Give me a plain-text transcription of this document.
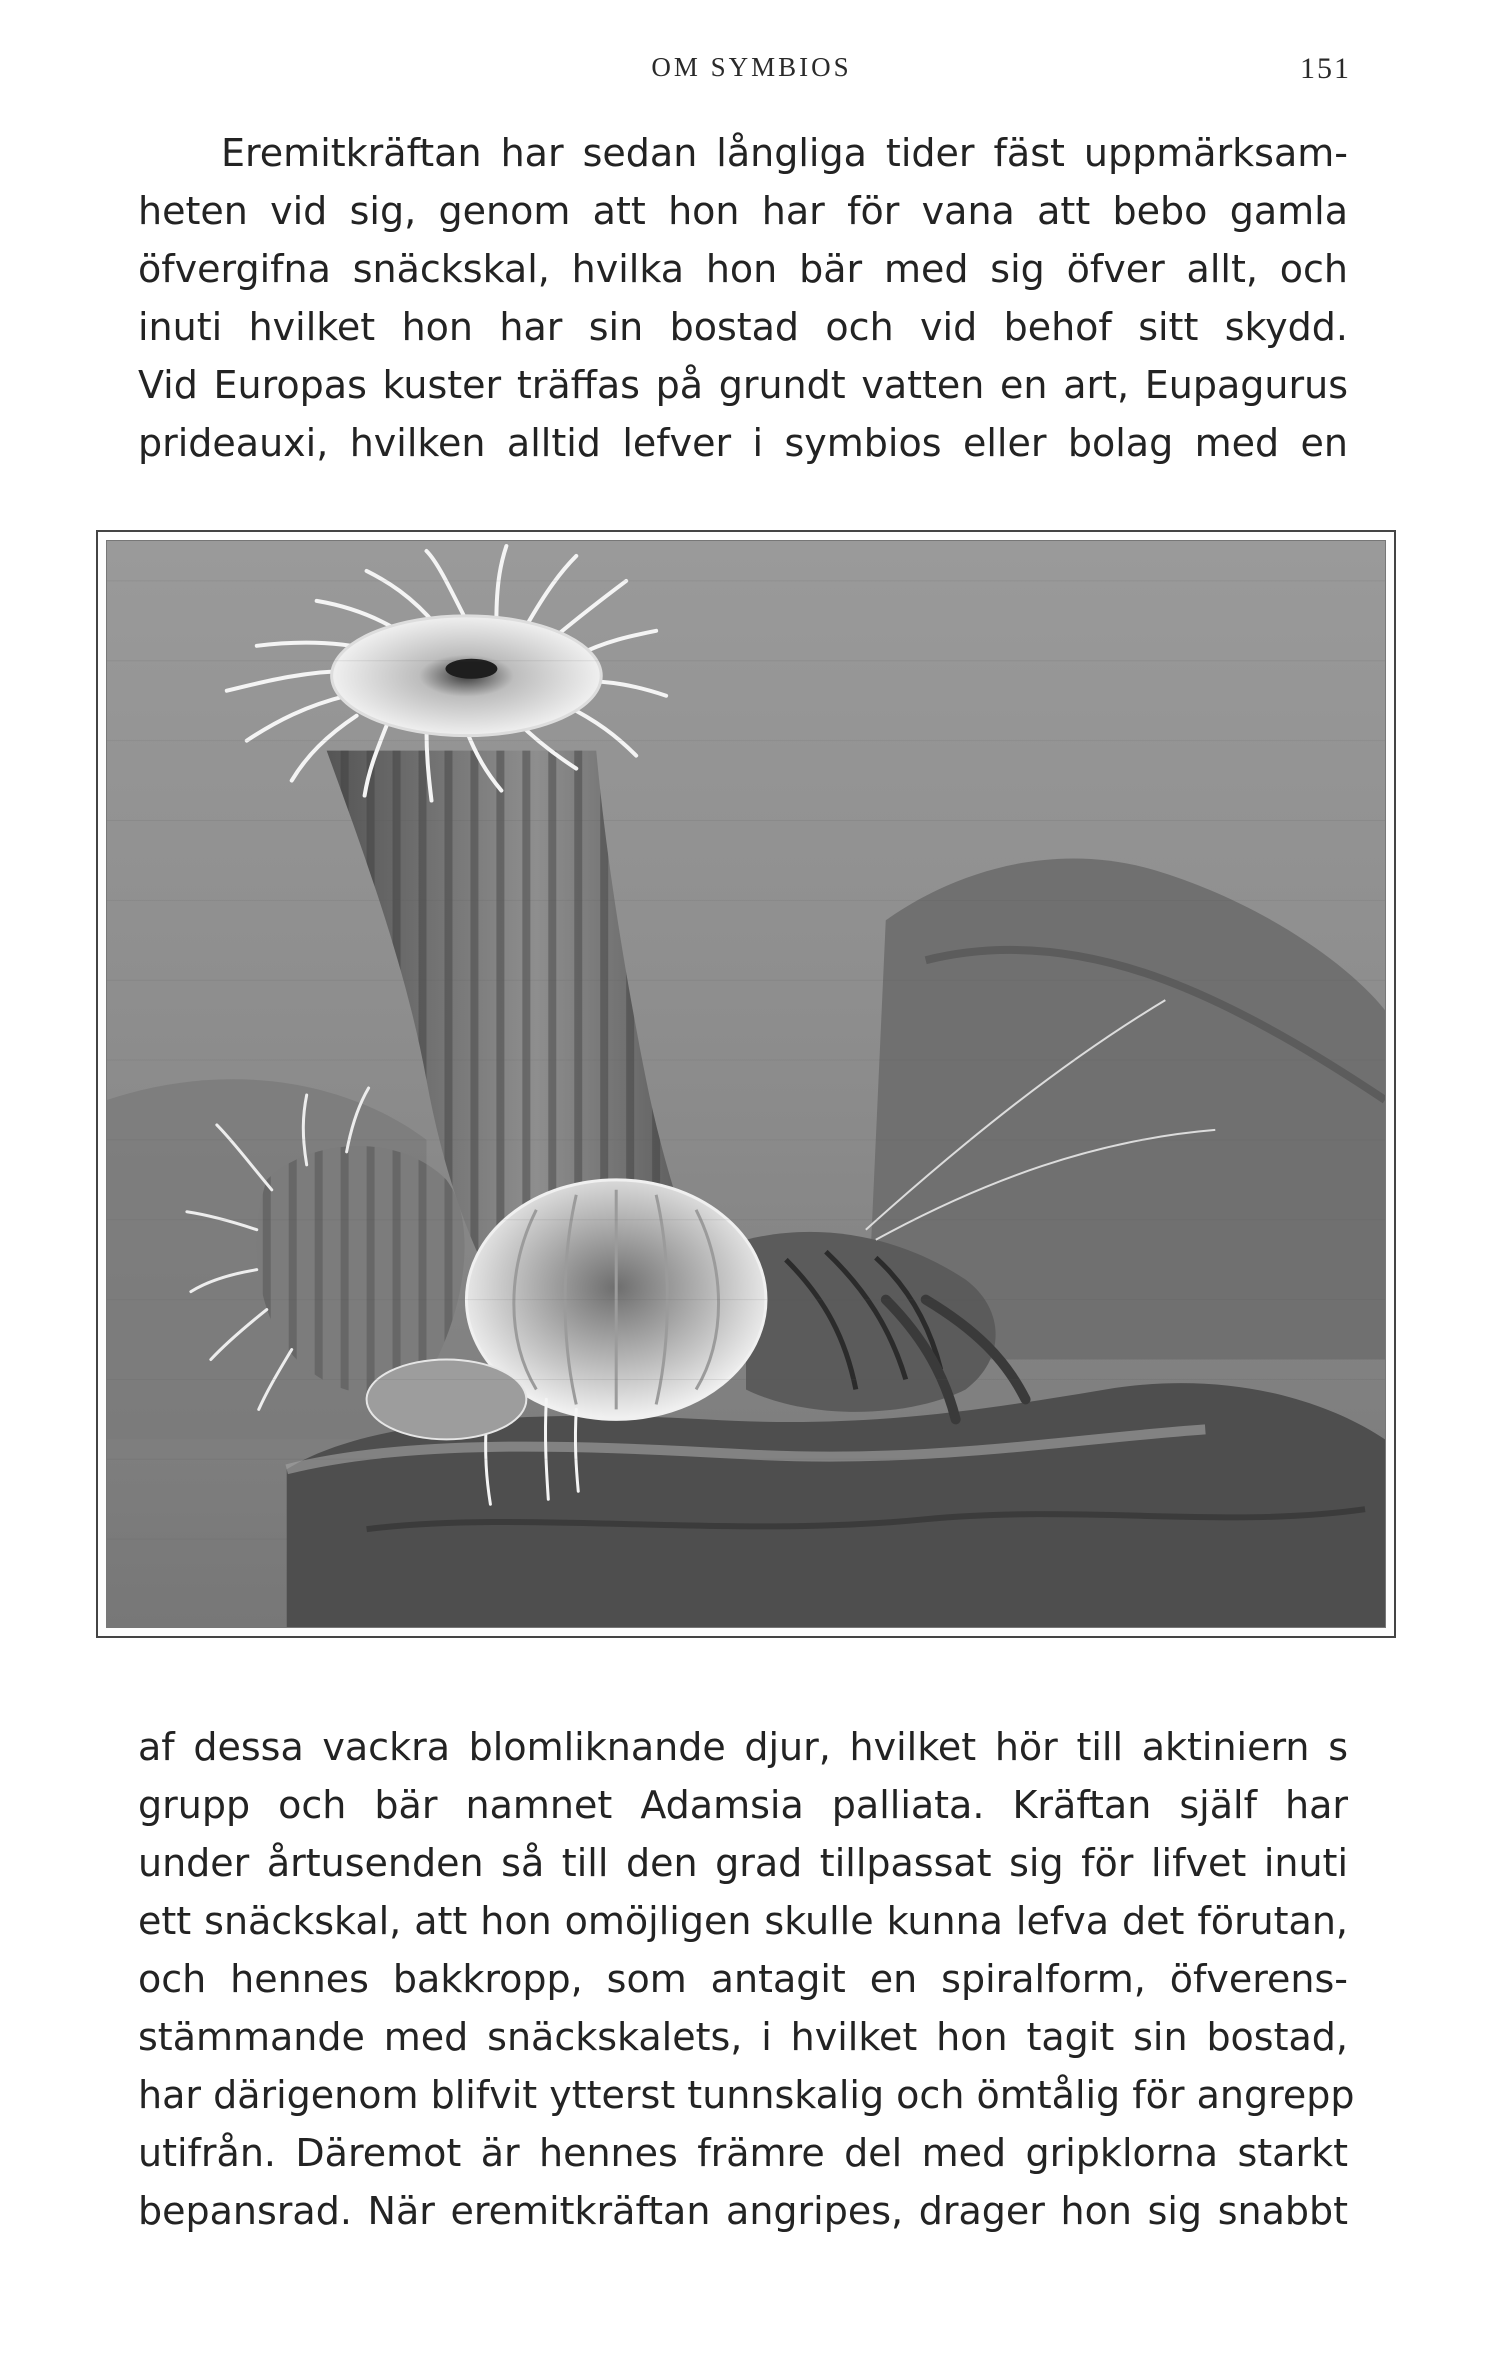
OM SYMBIOS	151
Eremitkräftan har sedan långliga tider fäst uppmärksam-
heten vid sig, genom att hon har för vana att bebo gamla
öfvergifna snäckskal, hvilka hon bär med sig öfver allt, och
inuti hvilket hon har sin bostad och vid behof sitt skydd.
Vid Europas kuster träffas på grundt vatten en art, Eupagurus
prideauxi, hvilken alltid lefver i symbios eller bolag med en
af dessa vackra blomliknande djur, hvilket hör till aktiniern s
grupp och bär namnet Adamsia palliata. Kräftan själf har
under årtusenden så till den grad tillpassat sig för lifvet inuti
ett snäckskal, att hon omöjligen skulle kunna lefva det förutan,
och hennes bakkropp, som antagit en spiralform, öfverens-
stämmande med snäckskalets, i hvilket hon tagit sin bostad,
har därigenom blifvit ytterst tunnskalig och ömtålig för angrepp
utifrån. Däremot är hennes främre del med gripklorna starkt
bepansrad. När eremitkräftan angripes, drager hon sig snabbt
